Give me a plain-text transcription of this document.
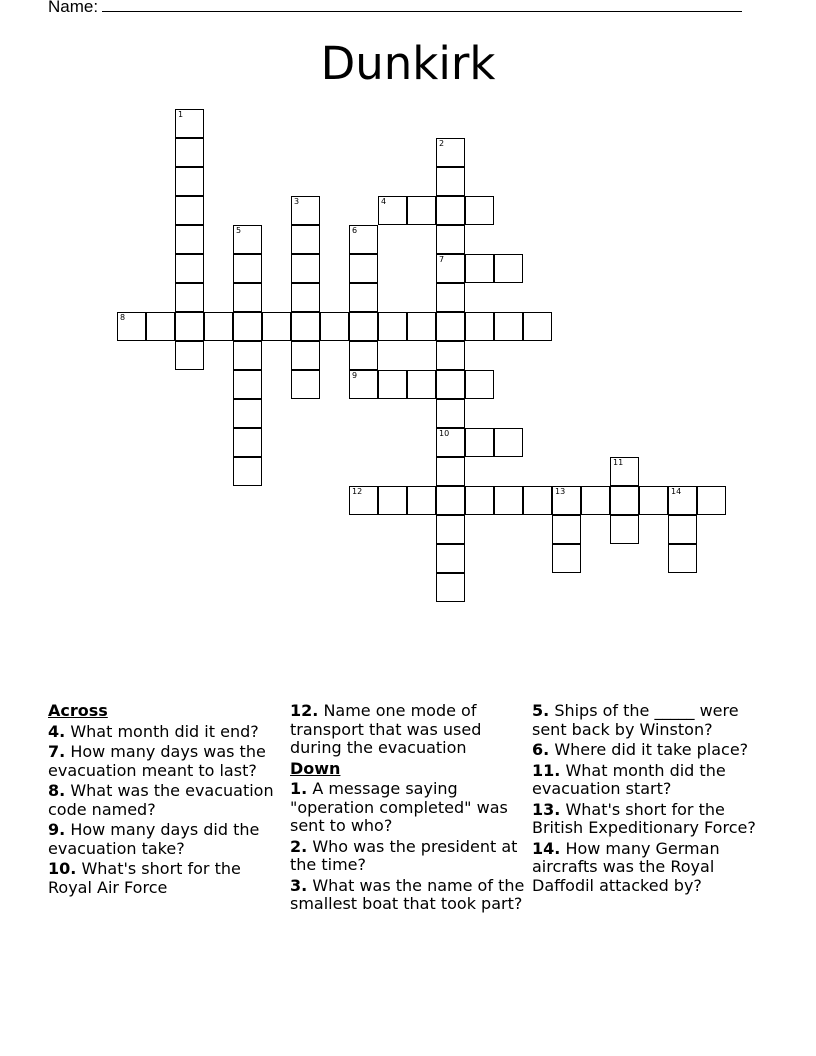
Name:
Dunkirk
1
2
7
10
3	4
5	6
9
8
11
12	13	14
Across
4. What month did it end?
7. How many days was the evacuation meant to last?
8. What was the evacuation code named?
9. How many days did the evacuation take?
10. What's short for the Royal Air Force
12. Name one mode of transport that was used during the evacuation
Down
1. A message saying "operation completed" was sent to who?
2. Who was the president at the time?
3. What was the name of the smallest boat that took part?
5. Ships of the _____ were sent back by Winston?
6. Where did it take place?
11. What month did the evacuation start?
13. What's short for the British Expeditionary Force?
14. How many German aircrafts was the Royal Daffodil attacked by?
